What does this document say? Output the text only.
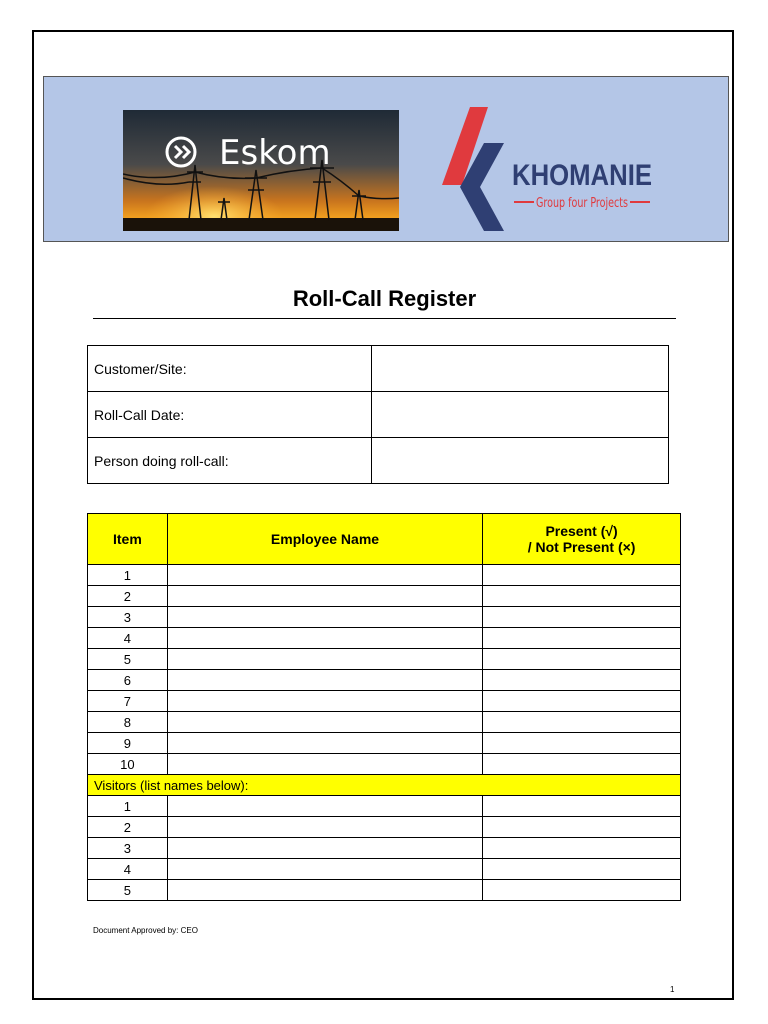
Eskom
KHOMANIE
Group four Projects
Roll-Call Register
Customer/Site:	
Roll-Call Date:	
Person doing roll-call:	
Item	Employee Name	Present (√)
/ Not Present (×)
1		
2		
3		
4		
5		
6		
7		
8		
9		
10		
Visitors (list names below):		
1		
2		
3		
4		
5		
Document Approved by: CEO
1
